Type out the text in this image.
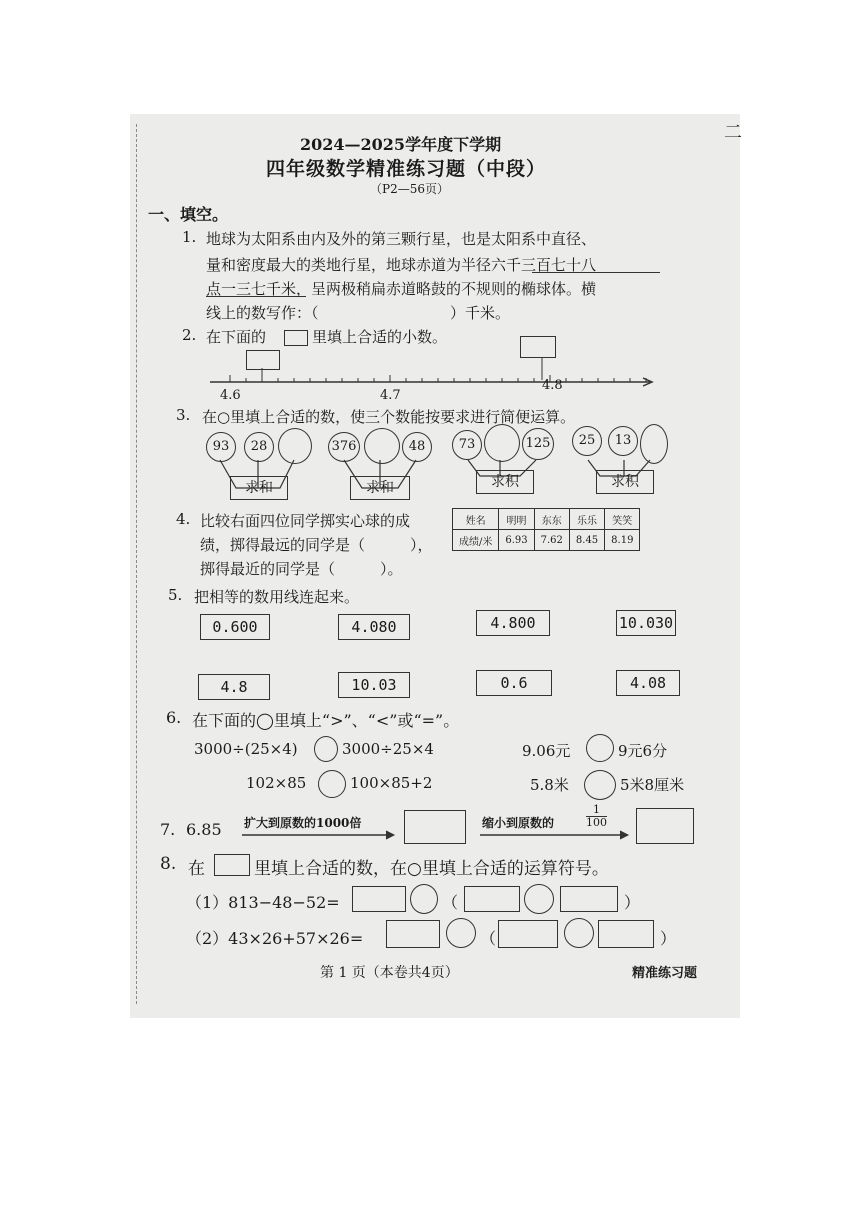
二
2024—2025学年度下学期
四年级数学精准练习题（中段）
（P2—56页）
一、填空。
1. 地球为太阳系由内及外的第三颗行星，也是太阳系中直径、
量和密度最大的类地行星，地球赤道为半径六千三百七十八
点一三七千米，呈两极稍扁赤道略鼓的不规则的椭球体。横
线上的数写作：（	）千米。
2. 在下面的	里填上合适的小数。
4.6	4.7
4.8
3. 在○里填上合适的数，使三个数能按要求进行简便运算。
93	28
求和
376	48
求和
73	125
求积
25	13
求积
4. 比较右面四位同学掷实心球的成
绩，掷得最远的同学是（　　　），
掷得最近的同学是（　　　）。
姓名	明明	东东	乐乐	笑笑
成绩/米	6.93	7.62	8.45	8.19
5. 把相等的数用线连起来。
0.600	4.080	4.800	10.030
4.8	10.03	0.6	4.08
6. 在下面的◯里填上“>”、“<”或“=”。
3000÷(25×4)	3000÷25×4	9.06元	9元6分
102×85	100×85+2	5.8米	5米8厘米
7. 6.85 扩大到原数的1000倍	缩小到原数的	$\frac{1}{100}$
8. 在	里填上合适的数，在○里填上合适的运算符号。
（1）813−48−52=	（	）
（2）43×26+57×26=	（	）
第 1 页（本卷共4页）	精准练习题
